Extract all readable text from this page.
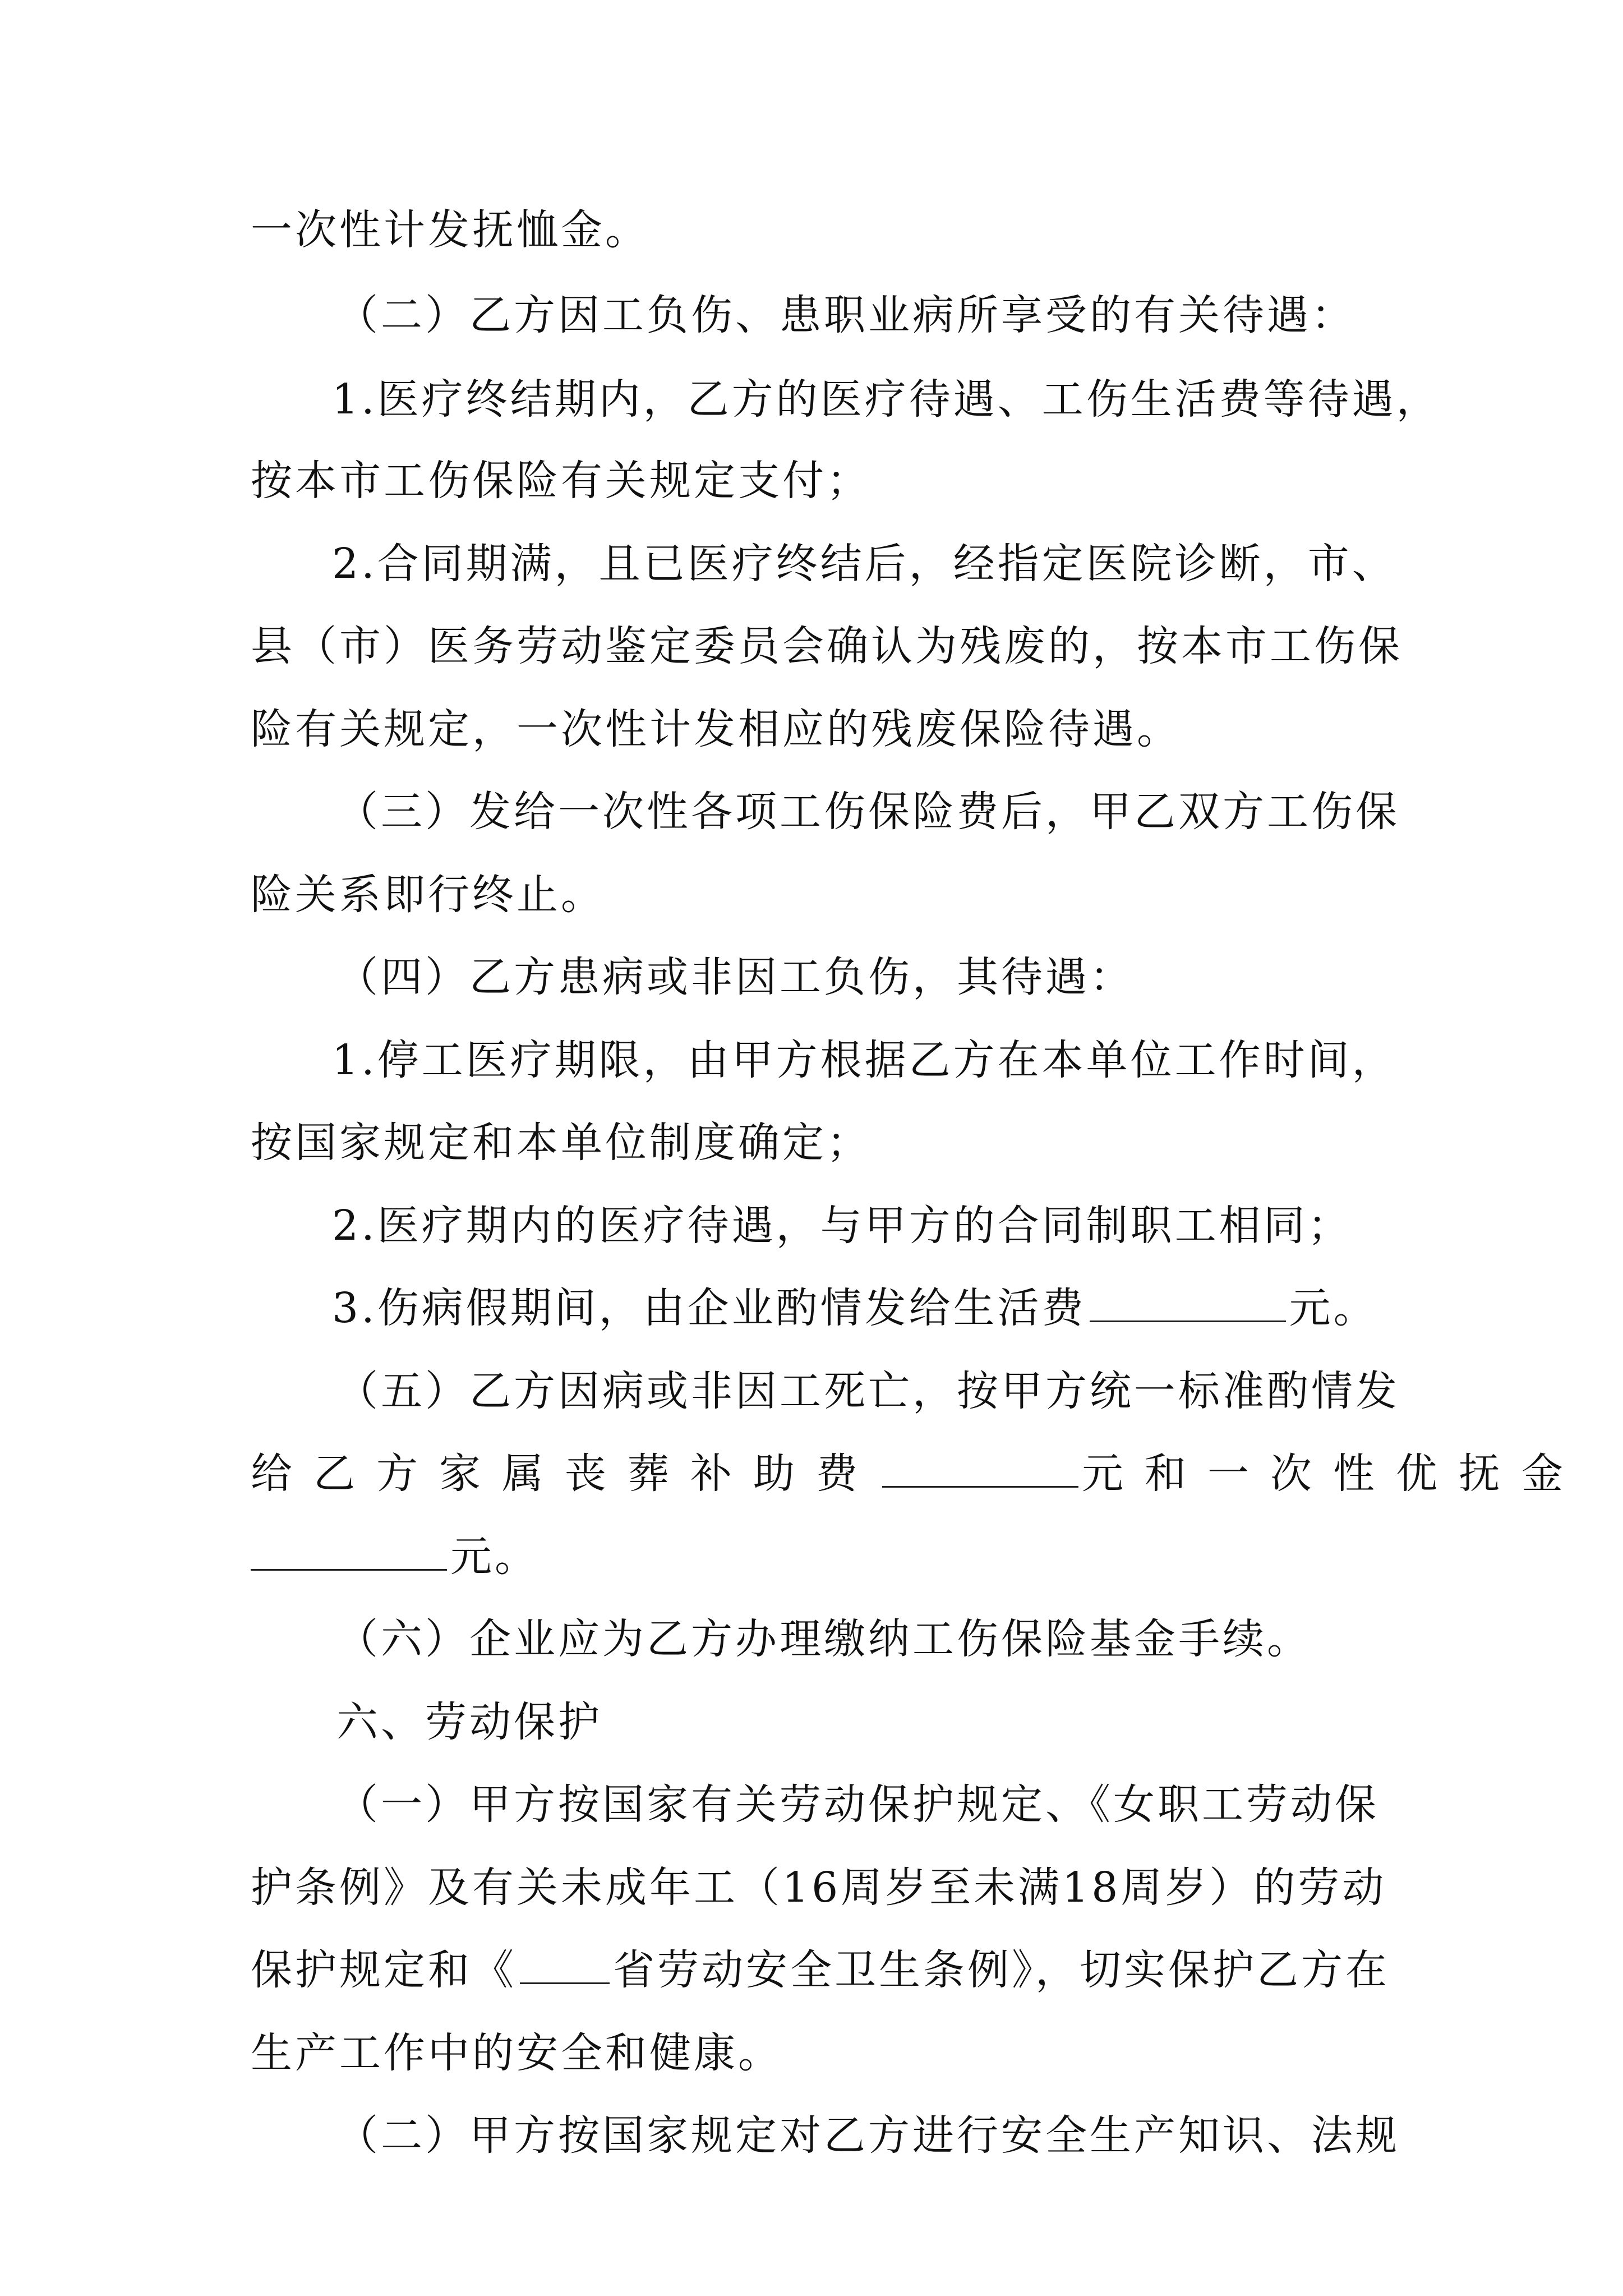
一次性计发抚恤金。
（二）乙方因工负伤、患职业病所享受的有关待遇：
1.医疗终结期内，乙方的医疗待遇、工伤生活费等待遇，
按本市工伤保险有关规定支付；
2.合同期满，且已医疗终结后，经指定医院诊断，市、
县（市）医务劳动鉴定委员会确认为残废的，按本市工伤保
险有关规定，一次性计发相应的残废保险待遇。
（三）发给一次性各项工伤保险费后，甲乙双方工伤保
险关系即行终止。
（四）乙方患病或非因工负伤，其待遇：
1.停工医疗期限，由甲方根据乙方在本单位工作时间，
按国家规定和本单位制度确定；
2.医疗期内的医疗待遇，与甲方的合同制职工相同；
3.伤病假期间，由企业酌情发给生活费	元。
（五）乙方因病或非因工死亡，按甲方统一标准酌情发
给乙方家属丧葬补助费	元和一次性优抚金
元。
（六）企业应为乙方办理缴纳工伤保险基金手续。
六、劳动保护
（一）甲方按国家有关劳动保护规定、《女职工劳动保
护条例》及有关未成年工（16周岁至未满18周岁）的劳动
保护规定和《 省劳动安全卫生条例》，切实保护乙方在
生产工作中的安全和健康。
（二）甲方按国家规定对乙方进行安全生产知识、法规
